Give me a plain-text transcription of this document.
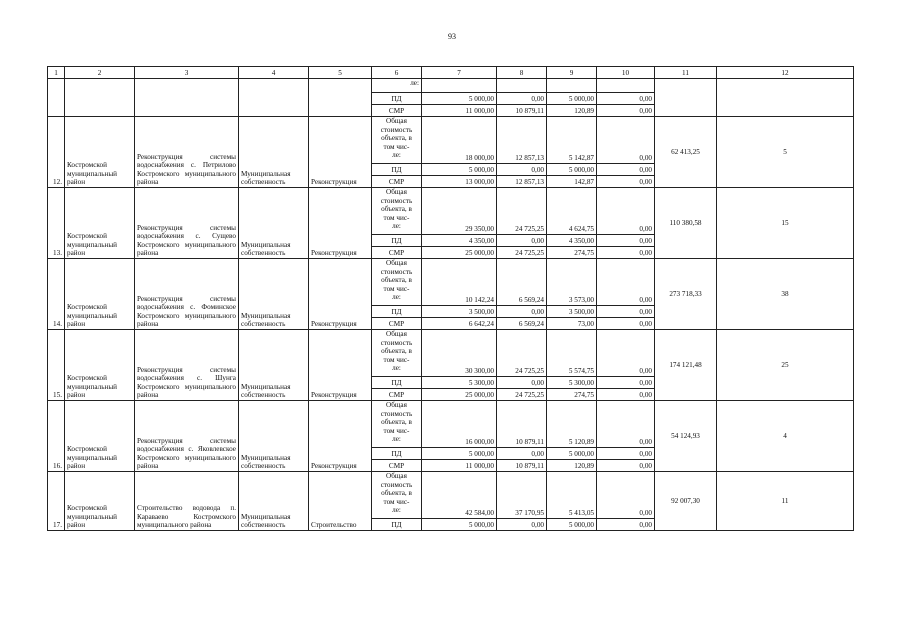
93
1	2	3	4	5	6	7	8	9	10	11	12
					ле:						
					ПД	5 000,00	0,00	5 000,00	0,00		
					СМР	11 000,00	10 879,11	120,89	0,00		
12.	Костромской
муниципальный
район	Реконструкция системы водоснабжения с. Петрилово Костромского муниципального района	Муниципальная собственность	Реконструкция	Общая
стоимость
объекта, в
том чис-
ле:	18 000,00	12 857,13	5 142,87	0,00	62 413,25	5
					ПД	5 000,00	0,00	5 000,00	0,00		
					СМР	13 000,00	12 857,13	142,87	0,00		
13.	Костромской
муниципальный
район	Реконструкция системы водоснабжения с. Сущево Костромского муниципального района	Муниципальная собственность	Реконструкция	Общая
стоимость
объекта, в
том чис-
ле:	29 350,00	24 725,25	4 624,75	0,00	110 380,58	15
					ПД	4 350,00	0,00	4 350,00	0,00		
					СМР	25 000,00	24 725,25	274,75	0,00		
14.	Костромской
муниципальный
район	Реконструкция системы водоснабжения с. Фоминское Костромского муниципального района	Муниципальная собственность	Реконструкция	Общая
стоимость
объекта, в
том чис-
ле:	10 142,24	6 569,24	3 573,00	0,00	273 718,33	38
					ПД	3 500,00	0,00	3 500,00	0,00		
					СМР	6 642,24	6 569,24	73,00	0,00		
15.	Костромской
муниципальный
район	Реконструкция системы водоснабжения с. Шунга Костромского муниципального района	Муниципальная собственность	Реконструкция	Общая
стоимость
объекта, в
том чис-
ле:	30 300,00	24 725,25	5 574,75	0,00	174 121,48	25
					ПД	5 300,00	0,00	5 300,00	0,00		
					СМР	25 000,00	24 725,25	274,75	0,00		
16.	Костромской
муниципальный
район	Реконструкция системы водоснабжения с. Яковлевское Костромского муниципального района	Муниципальная собственность	Реконструкция	Общая
стоимость
объекта, в
том чис-
ле:	16 000,00	10 879,11	5 120,89	0,00	54 124,93	4
					ПД	5 000,00	0,00	5 000,00	0,00		
					СМР	11 000,00	10 879,11	120,89	0,00		
17.	Костромской
муниципальный
район	Строительство водовода п. Караваево Костромского муниципального района	Муниципальная собственность	Строительство	Общая
стоимость
объекта, в
том чис-
ле:	42 584,00	37 170,95	5 413,05	0,00	92 007,30	11
					ПД	5 000,00	0,00	5 000,00	0,00		
